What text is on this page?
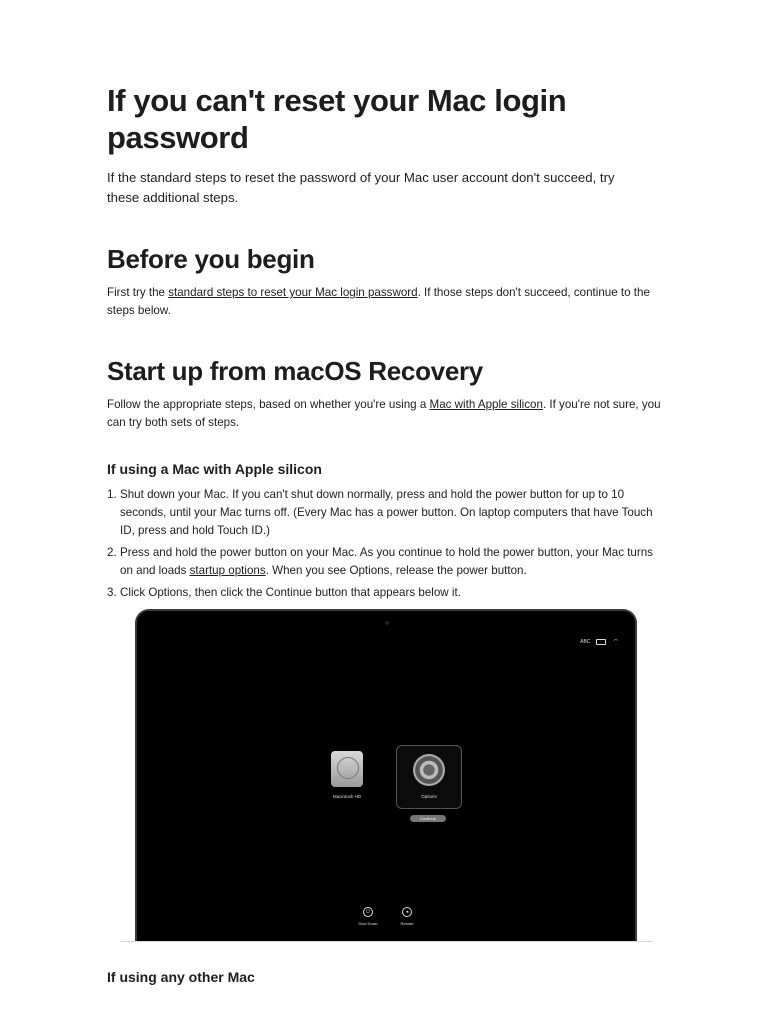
If you can't reset your Mac login password

If the standard steps to reset the password of your Mac user account don't succeed, try these additional steps.

Before you begin

First try the standard steps to reset your Mac login password. If those steps don't succeed, continue to the steps below.

Start up from macOS Recovery

Follow the appropriate steps, based on whether you're using a Mac with Apple silicon. If you're not sure, you can try both sets of steps.

If using a Mac with Apple silicon
1. Shut down your Mac. If you can't shut down normally, press and hold the power button for up to 10 seconds, until your Mac turns off. (Every Mac has a power button. On laptop computers that have Touch ID, press and hold Touch ID.)
2. Press and hold the power button on your Mac. As you continue to hold the power button, your Mac turns on and loads startup options. When you see Options, release the power button.
3. Click Options, then click the Continue button that appears below it.
If using any other Mac
ABC	⌔
Macintosh HD	Options
Continue
⏻
Shut Down
◂
Restart
